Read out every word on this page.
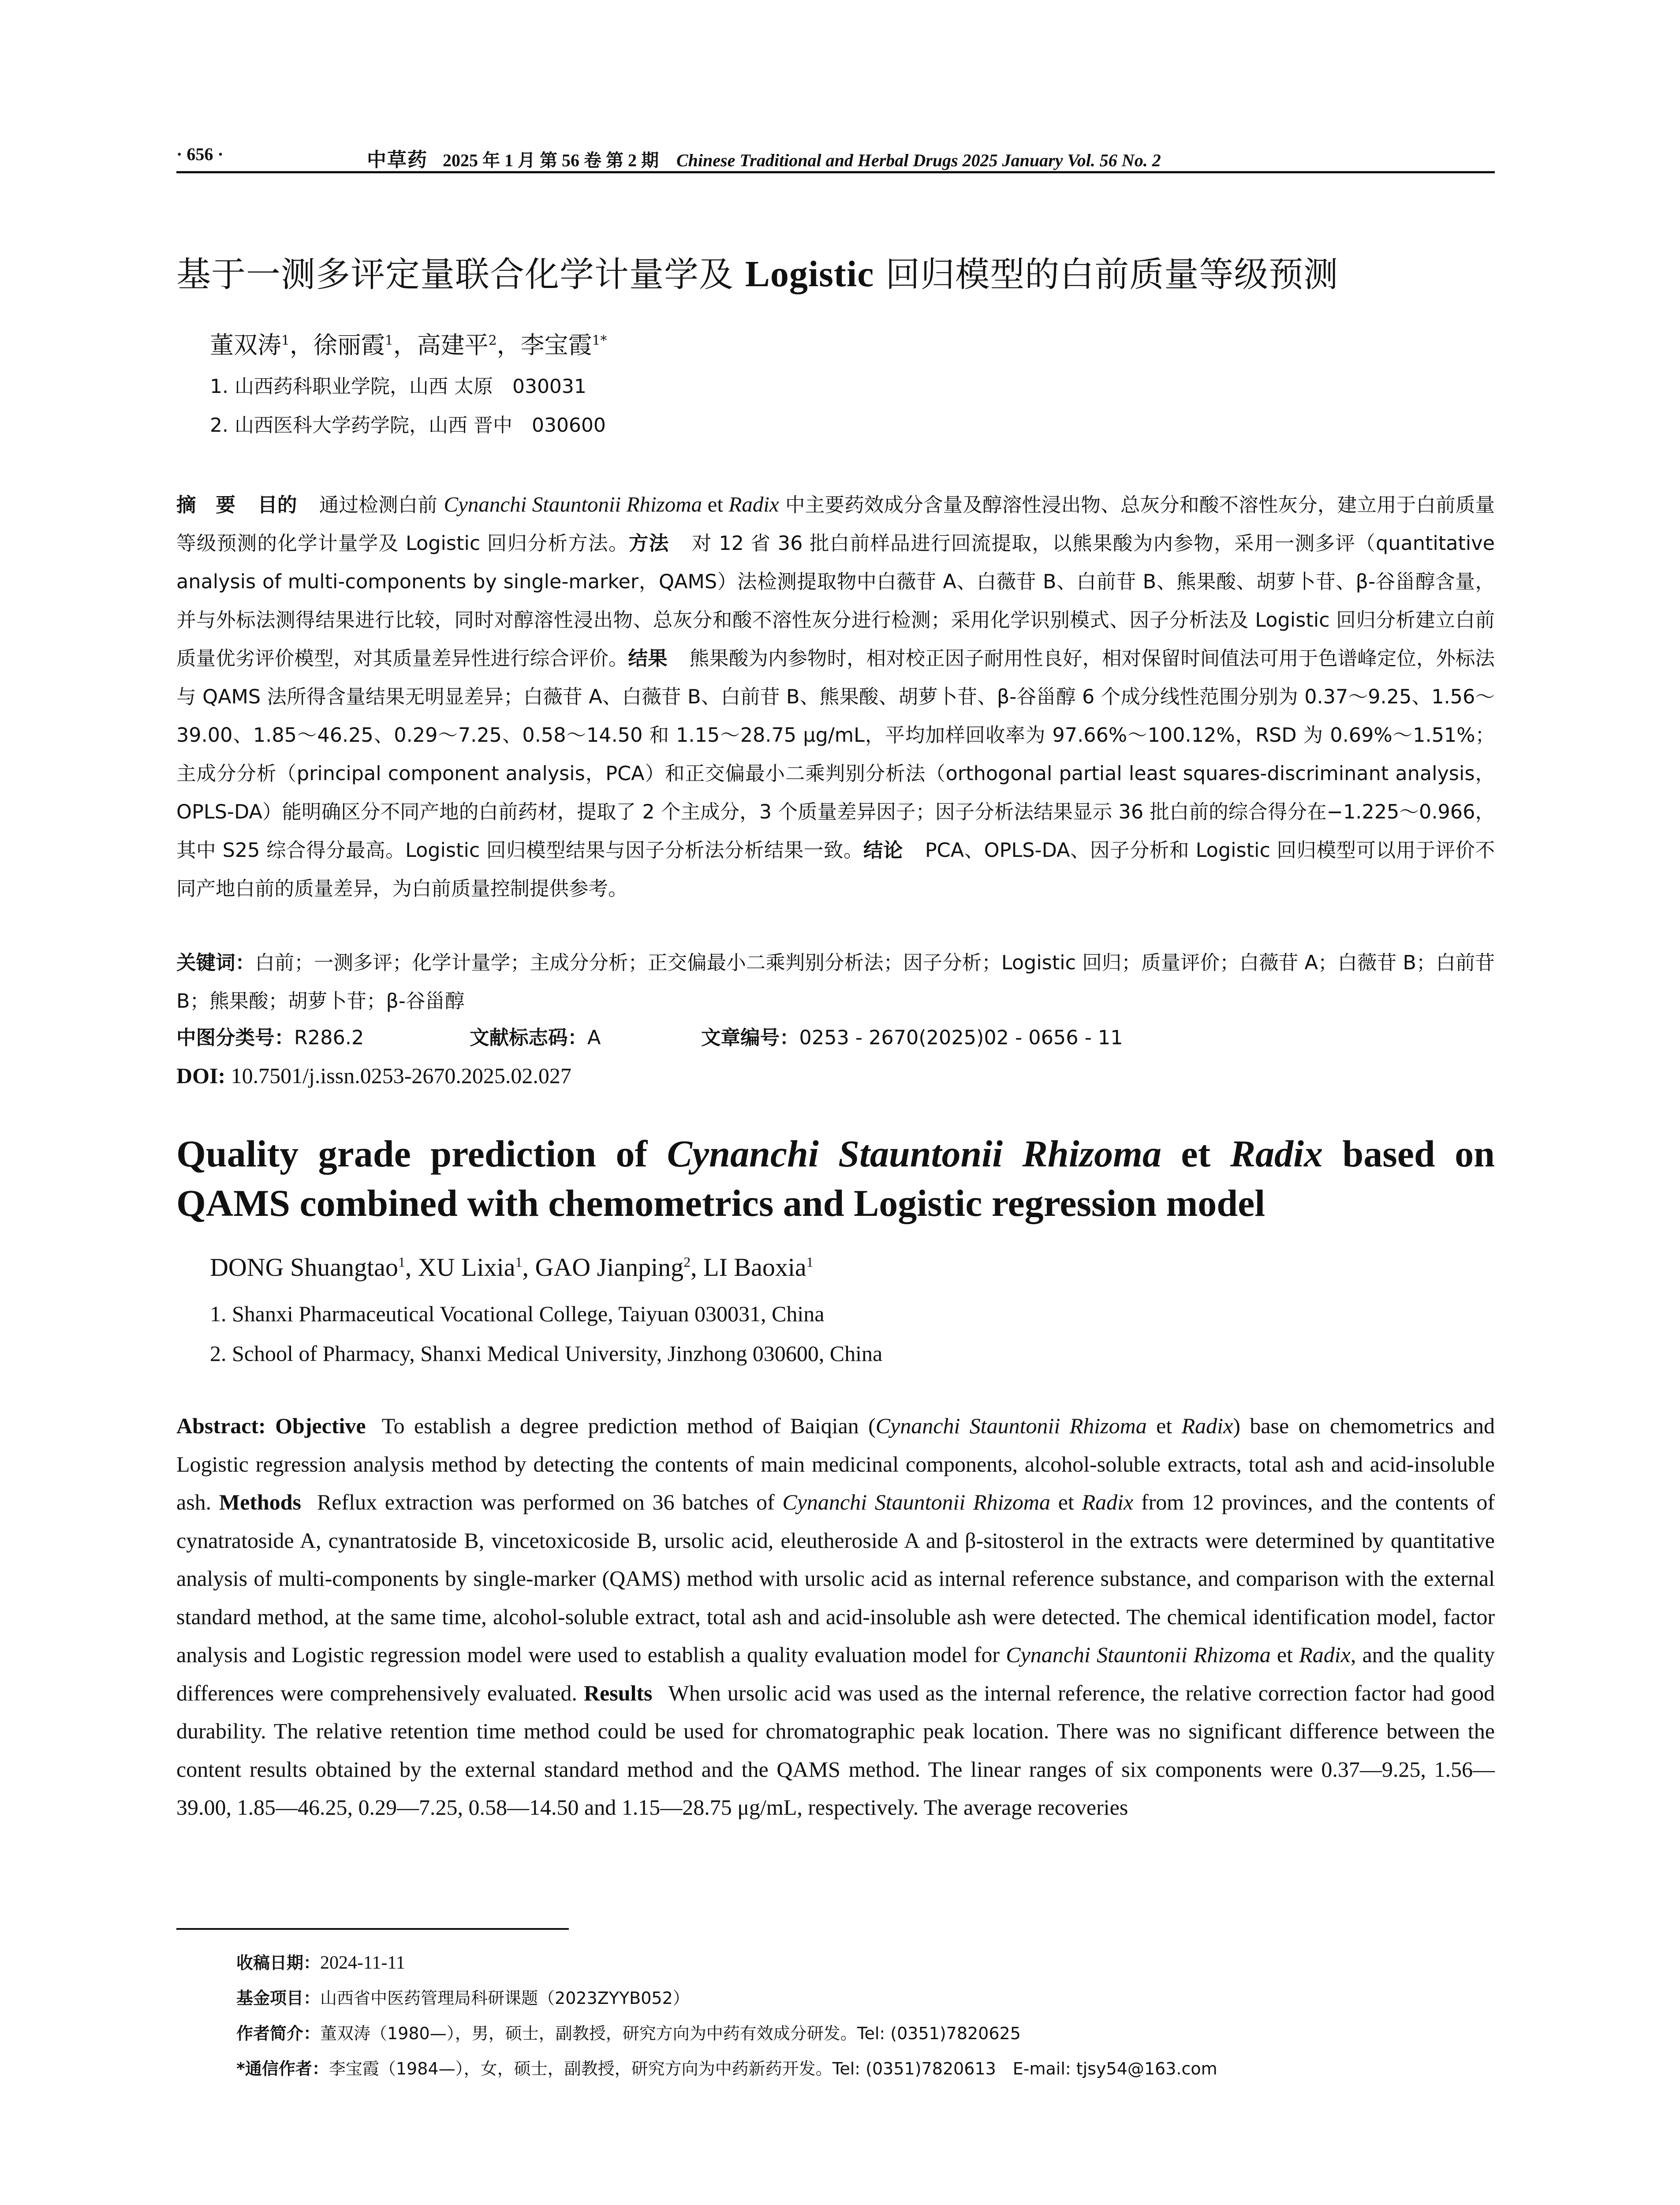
· 656 ·	中草药 2025 年 1 月 第 56 卷 第 2 期   Chinese Traditional and Herbal Drugs 2025 January Vol. 56 No. 2
基于一测多评定量联合化学计量学及 Logistic 回归模型的白前质量等级预测
董双涛$^1$，徐丽霞$^1$，高建平$^2$，李宝霞$^{1*}$
1. 山西药科职业学院，山西 太原　030031
2. 山西医科大学药学院，山西 晋中　030600
摘　要 目的 通过检测白前 Cynanchi Stauntonii Rhizoma et Radix 中主要药效成分含量及醇溶性浸出物、总灰分和酸不溶性灰分，建立用于白前质量等级预测的化学计量学及 Logistic 回归分析方法。方法 对 12 省 36 批白前样品进行回流提取，以熊果酸为内参物，采用一测多评（quantitative analysis of multi-components by single-marker，QAMS）法检测提取物中白薇苷 A、白薇苷 B、白前苷 B、熊果酸、胡萝卜苷、β-谷甾醇含量，并与外标法测得结果进行比较，同时对醇溶性浸出物、总灰分和酸不溶性灰分进行检测；采用化学识别模式、因子分析法及 Logistic 回归分析建立白前质量优劣评价模型，对其质量差异性进行综合评价。结果 熊果酸为内参物时，相对校正因子耐用性良好，相对保留时间值法可用于色谱峰定位，外标法与 QAMS 法所得含量结果无明显差异；白薇苷 A、白薇苷 B、白前苷 B、熊果酸、胡萝卜苷、β-谷甾醇 6 个成分线性范围分别为 0.37～9.25、1.56～39.00、1.85～46.25、0.29～7.25、0.58～14.50 和 1.15～28.75 μg/mL，平均加样回收率为 97.66%～100.12%，RSD 为 0.69%～1.51%；主成分分析（principal component analysis，PCA）和正交偏最小二乘判别分析法（orthogonal partial least squares-discriminant analysis，OPLS-DA）能明确区分不同产地的白前药材，提取了 2 个主成分，3 个质量差异因子；因子分析法结果显示 36 批白前的综合得分在−1.225～0.966，其中 S25 综合得分最高。Logistic 回归模型结果与因子分析法分析结果一致。结论 PCA、OPLS-DA、因子分析和 Logistic 回归模型可以用于评价不同产地白前的质量差异，为白前质量控制提供参考。
关键词：白前；一测多评；化学计量学；主成分分析；正交偏最小二乘判别分析法；因子分析；Logistic 回归；质量评价；白薇苷 A；白薇苷 B；白前苷 B；熊果酸；胡萝卜苷；β-谷甾醇
中图分类号：R286.2	文献标志码：A	文章编号：0253 - 2670(2025)02 - 0656 - 11
DOI: 10.7501/j.issn.0253-2670.2025.02.027
Quality grade prediction of Cynanchi Stauntonii Rhizoma et Radix based on QAMS combined with chemometrics and Logistic regression model
DONG Shuangtao$^1$, XU Lixia$^1$, GAO Jianping$^2$, LI Baoxia$^1$
1. Shanxi Pharmaceutical Vocational College, Taiyuan 030031, China
2. School of Pharmacy, Shanxi Medical University, Jinzhong 030600, China
Abstract: Objective To establish a degree prediction method of Baiqian (Cynanchi Stauntonii Rhizoma et Radix) base on chemometrics and Logistic regression analysis method by detecting the contents of main medicinal components, alcohol-soluble extracts, total ash and acid-insoluble ash. Methods Reflux extraction was performed on 36 batches of Cynanchi Stauntonii Rhizoma et Radix from 12 provinces, and the contents of cynatratoside A, cynantratoside B, vincetoxicoside B, ursolic acid, eleutheroside A and β-sitosterol in the extracts were determined by quantitative analysis of multi-components by single-marker (QAMS) method with ursolic acid as internal reference substance, and comparison with the external standard method, at the same time, alcohol-soluble extract, total ash and acid-insoluble ash were detected. The chemical identification model, factor analysis and Logistic regression model were used to establish a quality evaluation model for Cynanchi Stauntonii Rhizoma et Radix, and the quality differences were comprehensively evaluated. Results When ursolic acid was used as the internal reference, the relative correction factor had good durability. The relative retention time method could be used for chromatographic peak location. There was no significant difference between the content results obtained by the external standard method and the QAMS method. The linear ranges of six components were 0.37—9.25, 1.56—39.00, 1.85—46.25, 0.29—7.25, 0.58—14.50 and 1.15—28.75 μg/mL, respectively. The average recoveries
收稿日期：2024-11-11
基金项目：山西省中医药管理局科研课题（2023ZYYB052）
作者简介：董双涛（1980—），男，硕士，副教授，研究方向为中药有效成分研发。Tel: (0351)7820625
*通信作者：李宝霞（1984—），女，硕士，副教授，研究方向为中药新药开发。Tel: (0351)7820613　E-mail: tjsy54@163.com
